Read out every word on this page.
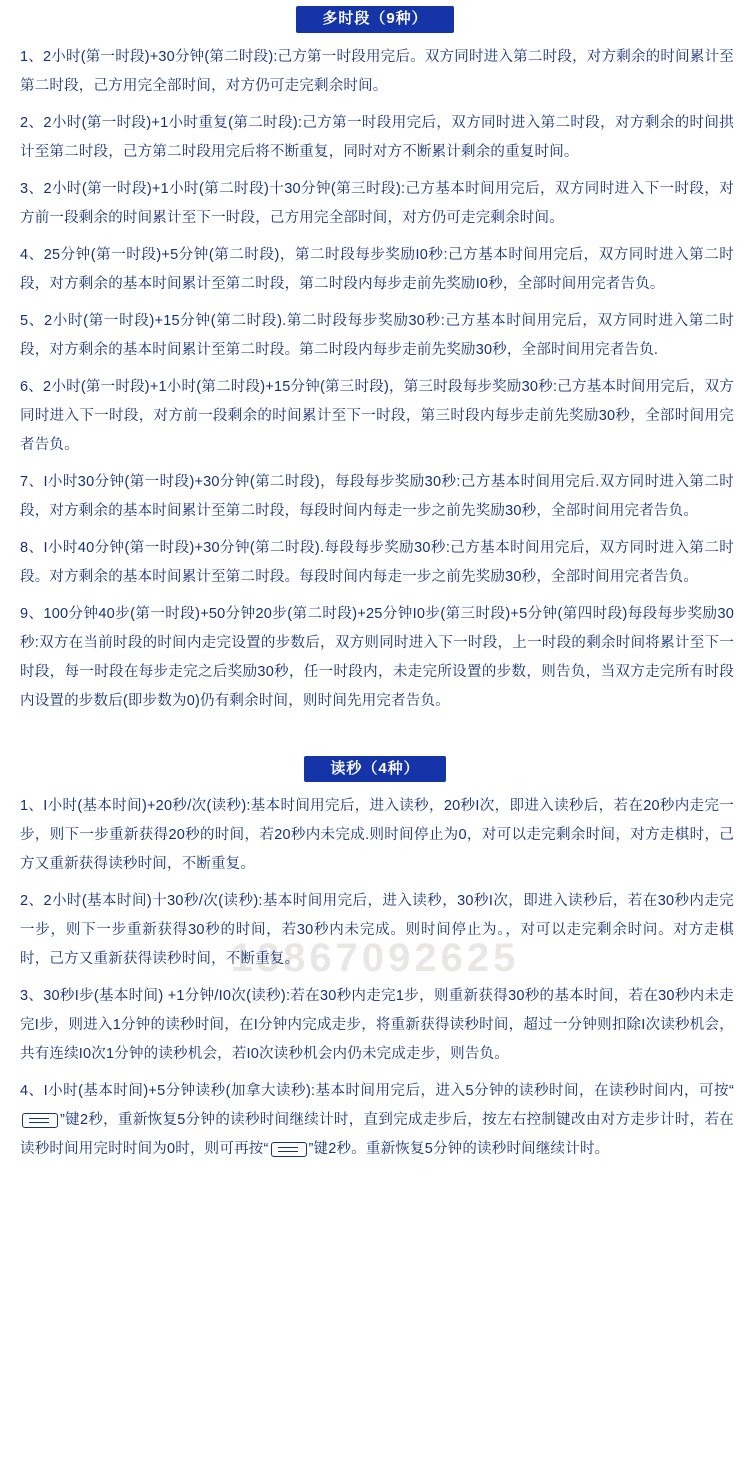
13867092625
多时段（9种）

1、2小时(第一时段)+30分钟(第二时段):己方第一时段用完后。双方同时进入第二时段，对方剩余的时间累计至第二时段，己方用完全部时间，对方仍可走完剩余时间。

2、2小时(第一时段)+1小时重复(第二时段):己方第一时段用完后，双方同时进入第二时段，对方剩余的时间拱计至第二时段，己方第二时段用完后将不断重复，同时对方不断累计剩余的重复时间。

3、2小时(第一时段)+1小时(第二时段)十30分钟(第三时段):己方基本时间用完后，双方同时进入下一时段，对方前一段剩余的时间累计至下一时段，己方用完全部时间，对方仍可走完剩余时间。

4、25分钟(第一时段)+5分钟(第二时段)，第二时段每步奖励I0秒:己方基本时间用完后，双方同时进入第二时段，对方剩余的基本时间累计至第二时段，第二时段内每步走前先奖励I0秒，全部时间用完者告负。

5、2小时(第一时段)+15分钟(第二时段).第二时段每步奖励30秒:己方基本时间用完后，双方同时进入第二时段，对方剩余的基本时间累计至第二时段。第二时段内每步走前先奖励30秒，全部时间用完者告负.

6、2小时(第一时段)+1小时(第二时段)+15分钟(第三时段)，第三时段每步奖励30秒:己方基本时间用完后，双方同时进入下一时段，对方前一段剩余的时间累计至下一时段，第三时段内每步走前先奖励30秒，全部时间用完者告负。

7、I小时30分钟(第一时段)+30分钟(第二时段)，每段每步奖励30秒:己方基本时间用完后.双方同时进入第二时段，对方剩余的基本时间累计至第二时段，每段时间内每走一步之前先奖励30秒，全部时间用完者告负。

8、I小时40分钟(第一时段)+30分钟(第二时段).每段每步奖励30秒:己方基本时间用完后，双方同时进入第二时段。对方剩余的基本时间累计至第二时段。每段时间内每走一步之前先奖励30秒，全部时间用完者告负。

9、100分钟40步(第一时段)+50分钟20步(第二时段)+25分钟I0步(第三时段)+5分钟(第四时段)每段每步奖励30秒:双方在当前时段的时间内走完设置的步数后，双方则同时进入下一时段，上一时段的剩余时间将累计至下一时段，每一时段在每步走完之后奖励30秒，任一时段内，未走完所设置的步数，则告负，当双方走完所有时段内设置的步数后(即步数为0)仍有剩余时间，则时间先用完者告负。

读秒（4种）

1、I小时(基本时间)+20秒/次(读秒):基本时间用完后，进入读秒，20秒I次，即进入读秒后，若在20秒内走完一步，则下一步重新获得20秒的时间，若20秒内未完成.则时间停止为0，对可以走完剩余时间，对方走棋时，己方又重新获得读秒时间，不断重复。

2、2小时(基本时间)十30秒/次(读秒):基本时间用完后，进入读秒，30秒I次，即进入读秒后，若在30秒内走完一步，则下一步重新获得30秒的时间，若30秒内未完成。则时间停止为。，对可以走完剩余时问。对方走棋时，己方又重新获得读秒时间，不断重复。

3、30秒I步(基本时间) +1分钟/I0次(读秒):若在30秒内走完1步，则重新获得30秒的基本时间，若在30秒内未走完I步，则进入1分钟的读秒时间，在I分钟内完成走步，将重新获得读秒时间，超过一分钟则扣除I次读秒机会，共有连续I0次1分钟的读秒机会，若I0次读秒机会内仍未完成走步，则告负。

4、I小时(基本时间)+5分钟读秒(加拿大读秒):基本时间用完后，进入5分钟的读秒时间，在读秒时间内，可按“”键2秒，重新恢复5分钟的读秒时间继续计时，直到完成走步后，按左右控制键改由对方走步计时，若在读秒时间用完时时间为0时，则可再按“	”键2秒。重新恢复5分钟的读秒时间继续计时。
